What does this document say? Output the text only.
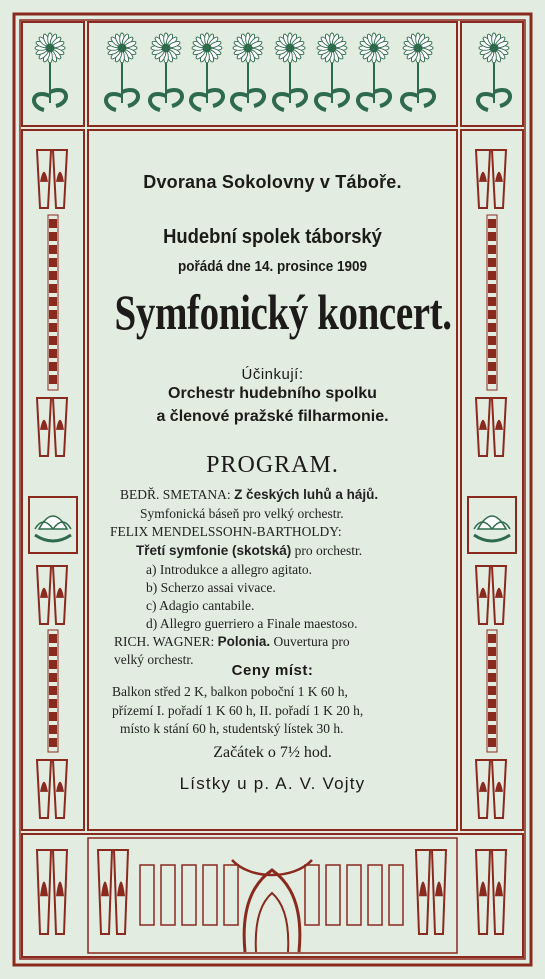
Dvorana Sokolovny v Táboře.
Hudební spolek táborský
pořádá dne 14. prosince 1909
Symfonický koncert.
Účinkují:
Orchestr hudebního spolku
a členové pražské filharmonie.
PROGRAM.
BEDŘ. SMETANA: Z českých luhů a hájů.
Symfonická báseň pro velký orchestr.
FELIX MENDELSSOHN-BARTHOLDY:
Třetí symfonie (skotská) pro orchestr.
a) Introdukce a allegro agitato.
b) Scherzo assai vivace.
c) Adagio cantabile.
d) Allegro guerriero a Finale maestoso.
RICH. WAGNER: Polonia. Ouvertura pro
velký orchestr.
Ceny míst:
Balkon střed 2 K, balkon poboční 1 K 60 h,
přízemí I. pořadí 1 K 60 h, II. pořadí 1 K 20 h,
místo k stání 60 h, studentský lístek 30 h.
Začátek o 7½ hod.
Lístky u p. A. V. Vojty
